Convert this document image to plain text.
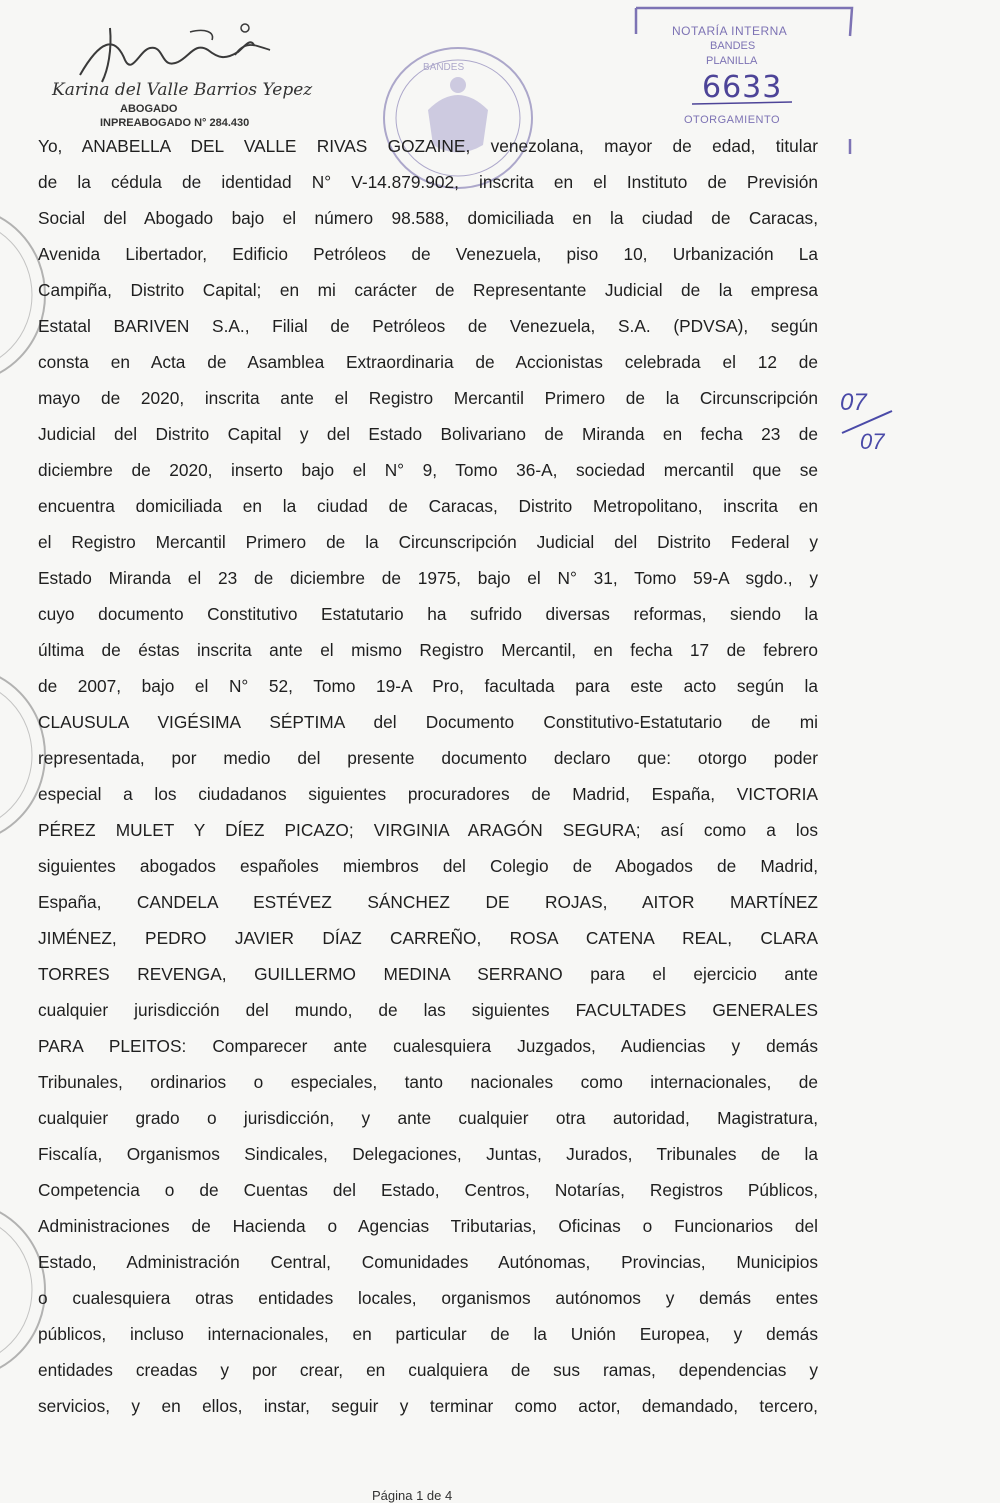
Karina del Valle Barrios Yepez
ABOGADO
INPREABOGADO N° 284.430
BANDES
NOTARÍA INTERNA
BANDES
PLANILLA
6633
OTORGAMIENTO
07
07
Yo, ANABELLA DEL VALLE RIVAS GOZAINE, venezolana, mayor de edad, titular
de la cédula de identidad N° V-14.879.902, inscrita en el Instituto de Previsión
Social del Abogado bajo el número 98.588, domiciliada en la ciudad de Caracas,
Avenida Libertador, Edificio Petróleos de Venezuela, piso 10, Urbanización La
Campiña, Distrito Capital; en mi carácter de Representante Judicial de la empresa
Estatal BARIVEN S.A., Filial de Petróleos de Venezuela, S.A. (PDVSA), según
consta en Acta de Asamblea Extraordinaria de Accionistas celebrada el 12 de
mayo de 2020, inscrita ante el Registro Mercantil Primero de la Circunscripción
Judicial del Distrito Capital y del Estado Bolivariano de Miranda en fecha 23 de
diciembre de 2020, inserto bajo el N° 9, Tomo 36-A, sociedad mercantil que se
encuentra domiciliada en la ciudad de Caracas, Distrito Metropolitano, inscrita en
el Registro Mercantil Primero de la Circunscripción Judicial del Distrito Federal y
Estado Miranda el 23 de diciembre de 1975, bajo el N° 31, Tomo 59-A sgdo., y
cuyo documento Constitutivo Estatutario ha sufrido diversas reformas, siendo la
última de éstas inscrita ante el mismo Registro Mercantil, en fecha 17 de febrero
de 2007, bajo el N° 52, Tomo 19-A Pro, facultada para este acto según la
CLAUSULA VIGÉSIMA SÉPTIMA del Documento Constitutivo-Estatutario de mi
representada, por medio del presente documento declaro que: otorgo poder
especial a los ciudadanos siguientes procuradores de Madrid, España, VICTORIA
PÉREZ MULET Y DÍEZ PICAZO; VIRGINIA ARAGÓN SEGURA; así como a los
siguientes abogados españoles miembros del Colegio de Abogados de Madrid,
España, CANDELA ESTÉVEZ SÁNCHEZ DE ROJAS, AITOR MARTÍNEZ
JIMÉNEZ, PEDRO JAVIER DÍAZ CARREÑO, ROSA CATENA REAL, CLARA
TORRES REVENGA, GUILLERMO MEDINA SERRANO para el ejercicio ante
cualquier jurisdicción del mundo, de las siguientes FACULTADES GENERALES
PARA PLEITOS: Comparecer ante cualesquiera Juzgados, Audiencias y demás
Tribunales, ordinarios o especiales, tanto nacionales como internacionales, de
cualquier grado o jurisdicción, y ante cualquier otra autoridad, Magistratura,
Fiscalía, Organismos Sindicales, Delegaciones, Juntas, Jurados, Tribunales de la
Competencia o de Cuentas del Estado, Centros, Notarías, Registros Públicos,
Administraciones de Hacienda o Agencias Tributarias, Oficinas o Funcionarios del
Estado, Administración Central, Comunidades Autónomas, Provincias, Municipios
o cualesquiera otras entidades locales, organismos autónomos y demás entes
públicos, incluso internacionales, en particular de la Unión Europea, y demás
entidades creadas y por crear, en cualquiera de sus ramas, dependencias y
servicios, y en ellos, instar, seguir y terminar como actor, demandado, tercero,
Página 1 de 4
